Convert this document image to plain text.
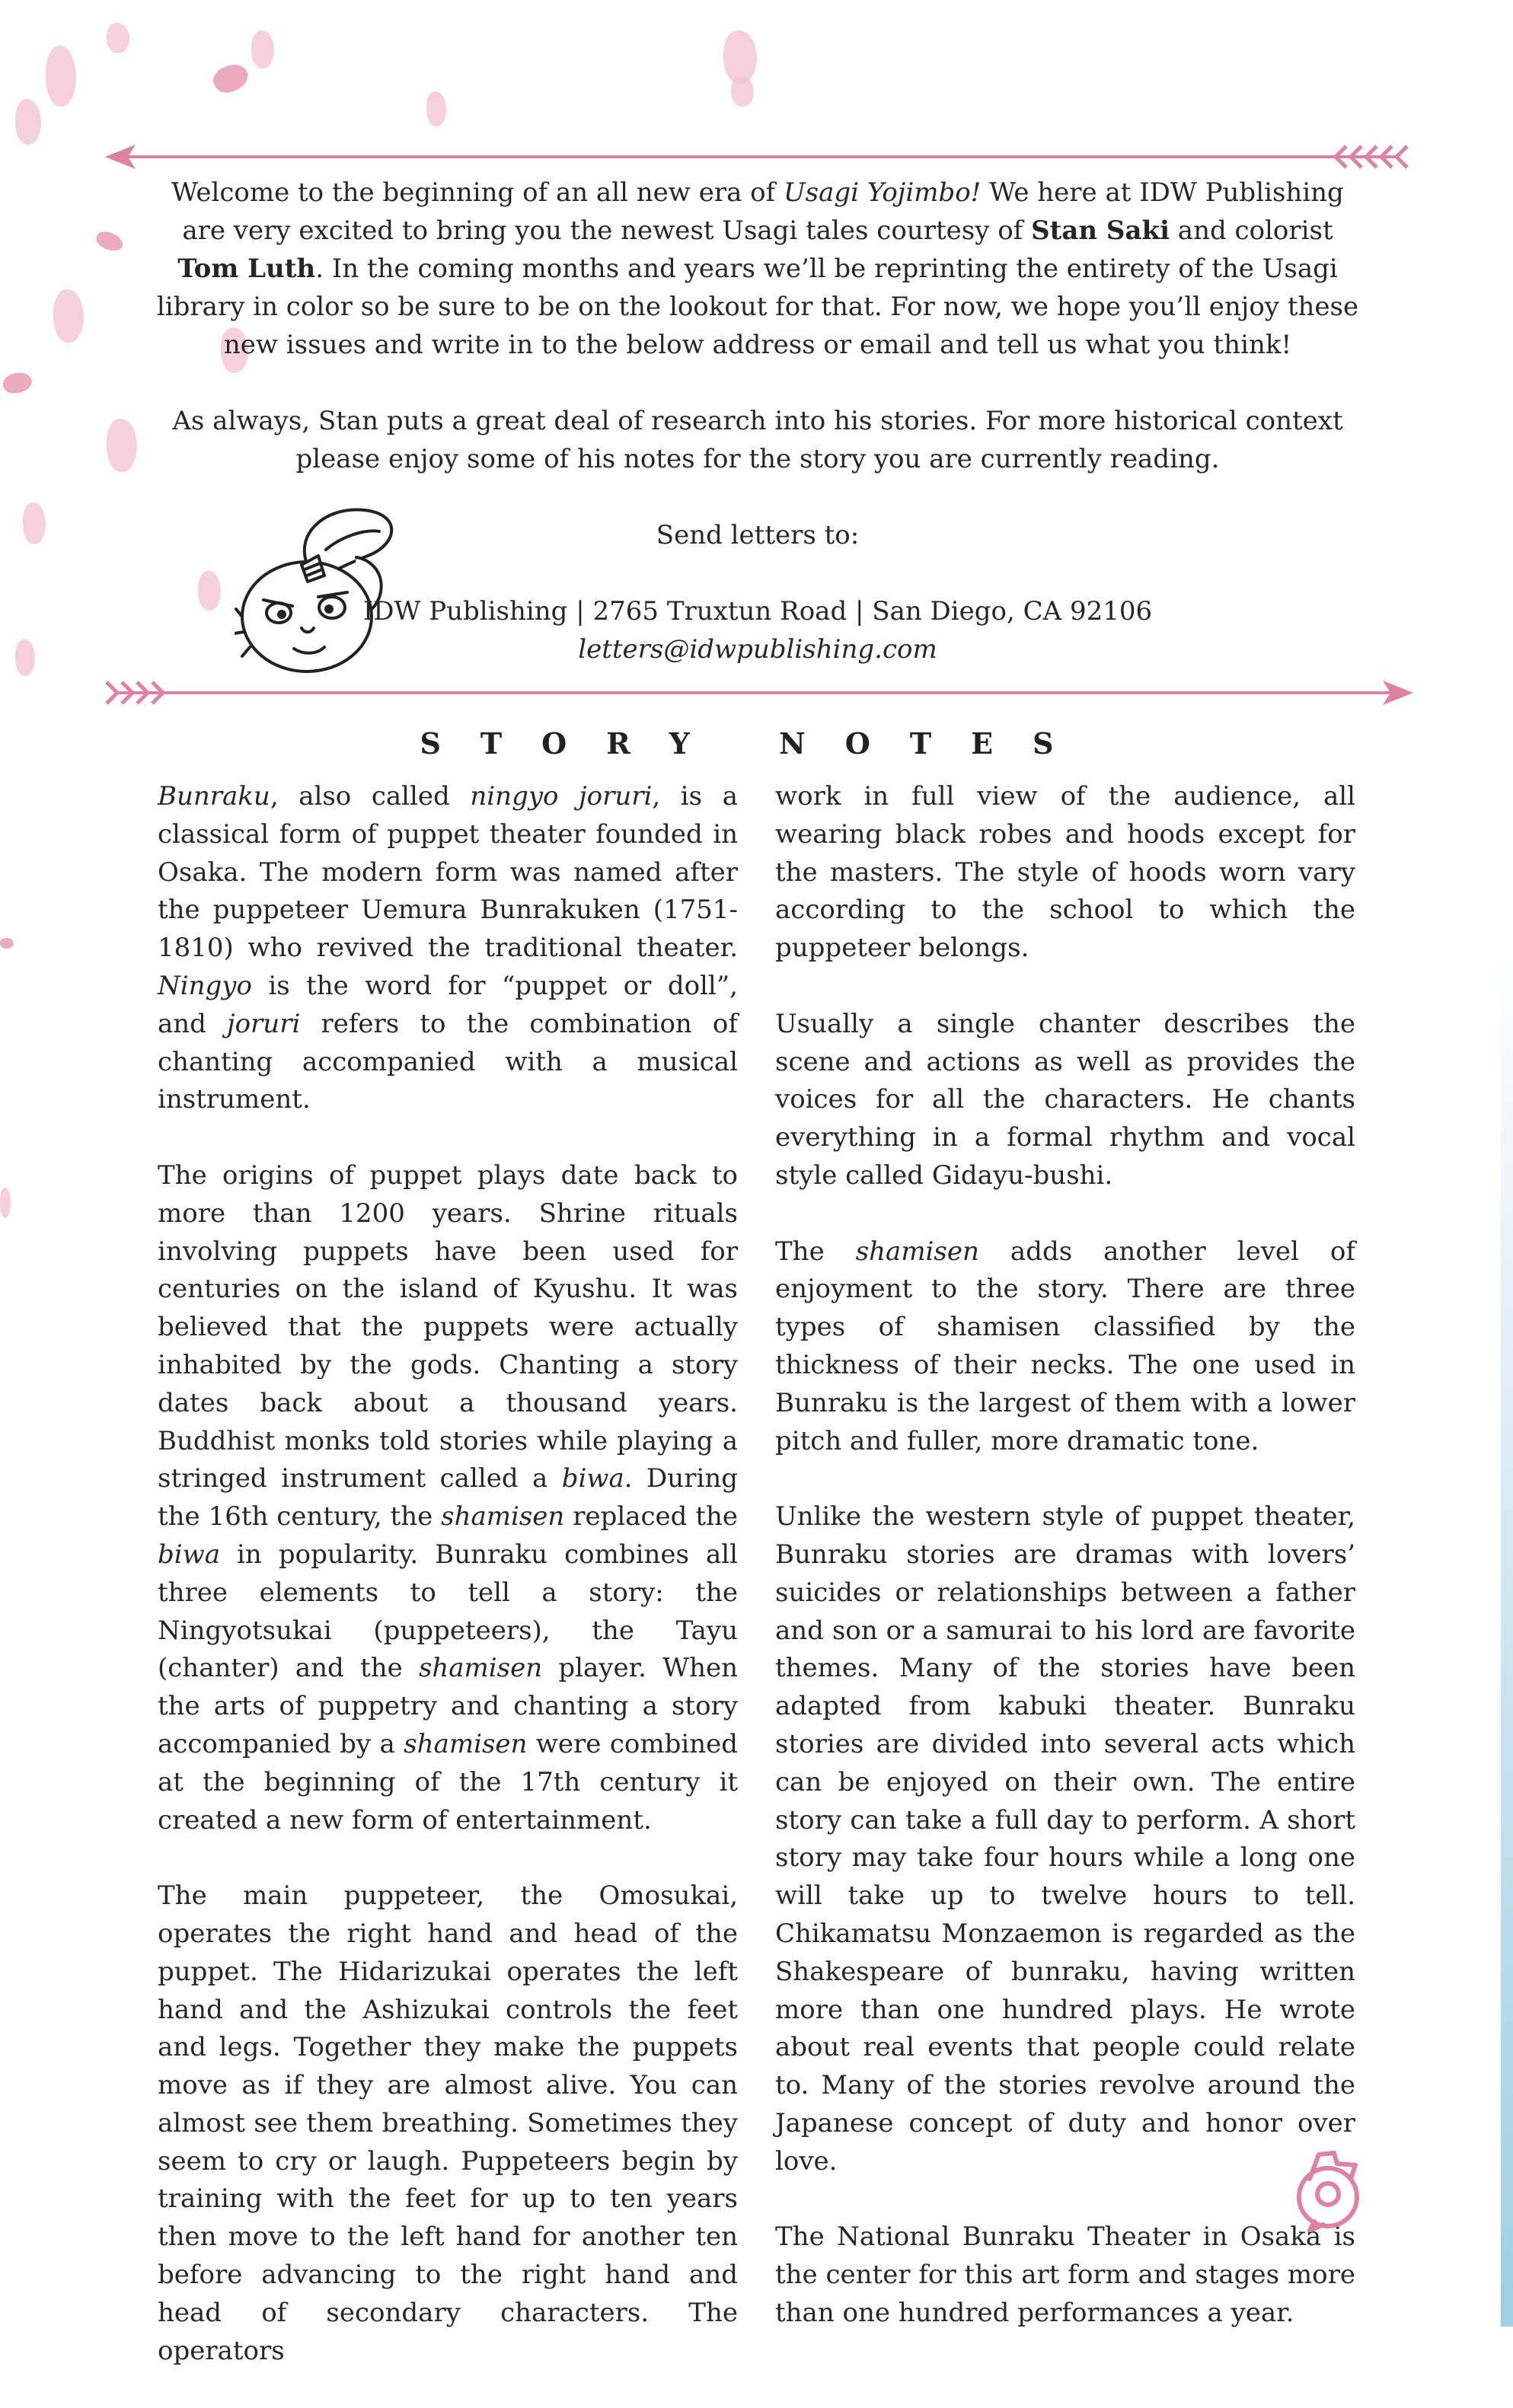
Welcome to the beginning of an all new era of Usagi Yojimbo! We here at IDW Publishing are very excited to bring you the newest Usagi tales courtesy of Stan Saki and colorist Tom Luth. In the coming months and years we’ll be reprinting the entirety of the Usagi library in color so be sure to be on the lookout for that. For now, we hope you’ll enjoy these new issues and write in to the below address or email and tell us what you think!

As always, Stan puts a great deal of research into his stories. For more historical context please enjoy some of his notes for the story you are currently reading.

Send letters to:
IDW Publishing | 2765 Truxtun Road | San Diego, CA 92106
letters@idwpublishing.com
STORY NOTES

Bunraku, also called ningyo joruri, is a classical form of puppet theater founded in Osaka. The modern form was named after the puppeteer Uemura Bunrakuken (1751-1810) who revived the traditional theater. Ningyo is the word for “puppet or doll”, and joruri refers to the combination of chanting accompanied with a musical instrument.

The origins of puppet plays date back to more than 1200 years. Shrine rituals involving puppets have been used for centuries on the island of Kyushu. It was believed that the puppets were actually inhabited by the gods. Chanting a story dates back about a thousand years. Buddhist monks told stories while playing a stringed instrument called a biwa. During the 16th century, the shamisen replaced the biwa in popularity. Bunraku combines all three elements to tell a story: the Ningyotsukai (puppeteers), the Tayu (chanter) and the shamisen player. When the arts of puppetry and chanting a story accompanied by a shamisen were combined at the beginning of the 17th century it created a new form of entertainment.

The main puppeteer, the Omosukai, operates the right hand and head of the puppet. The Hidarizukai operates the left hand and the Ashizukai controls the feet and legs. Together they make the puppets move as if they are almost alive. You can almost see them breathing. Sometimes they seem to cry or laugh. Puppeteers begin by training with the feet for up to ten years then move to the left hand for another ten before advancing to the right hand and head of secondary characters. The operators

work in full view of the audience, all wearing black robes and hoods except for the masters. The style of hoods worn vary according to the school to which the puppeteer belongs.

Usually a single chanter describes the scene and actions as well as provides the voices for all the characters. He chants everything in a formal rhythm and vocal style called Gidayu-bushi.

The shamisen adds another level of enjoyment to the story. There are three types of shamisen classified by the thickness of their necks. The one used in Bunraku is the largest of them with a lower pitch and fuller, more dramatic tone.

Unlike the western style of puppet theater, Bunraku stories are dramas with lovers’ suicides or relationships between a father and son or a samurai to his lord are favorite themes. Many of the stories have been adapted from kabuki theater. Bunraku stories are divided into several acts which can be enjoyed on their own. The entire story can take a full day to perform. A short story may take four hours while a long one will take up to twelve hours to tell. Chikamatsu Monzaemon is regarded as the Shakespeare of bunraku, having written more than one hundred plays. He wrote about real events that people could relate to. Many of the stories revolve around the Japanese concept of duty and honor over love.

The National Bunraku Theater in Osaka is the center for this art form and stages more than one hundred performances a year.
